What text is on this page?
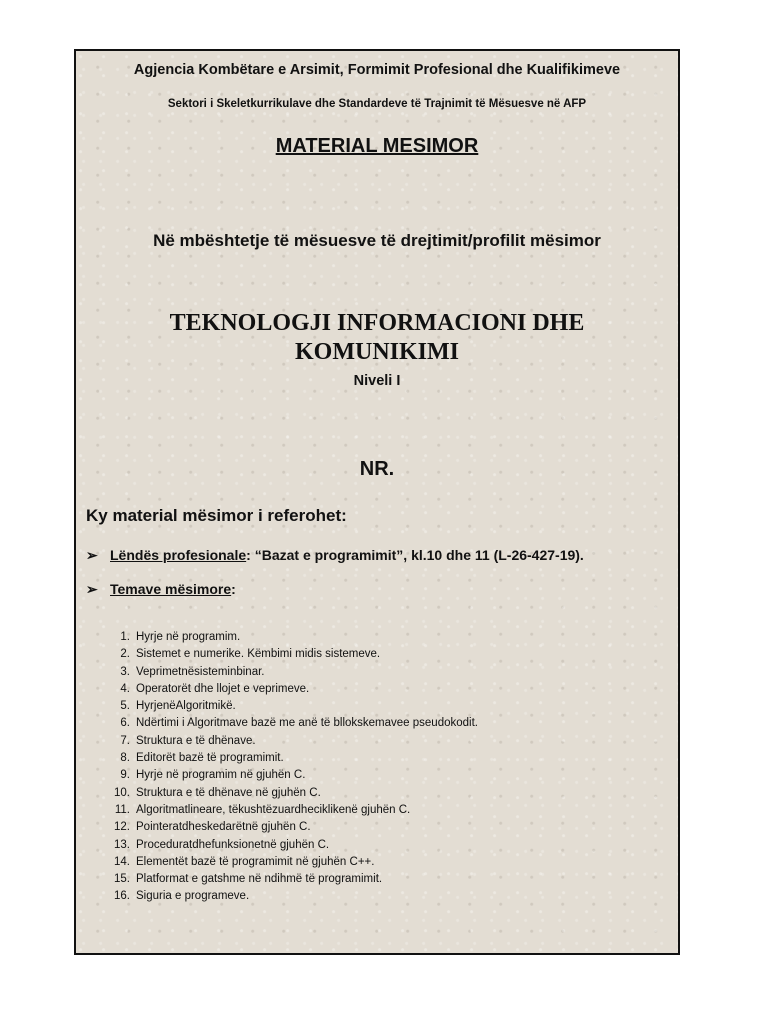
Agjencia Kombëtare e Arsimit, Formimit Profesional dhe Kualifikimeve
Sektori i Skeletkurrikulave dhe Standardeve të Trajnimit të Mësuesve në AFP
MATERIAL MESIMOR
Në mbështetje të mësuesve të drejtimit/profilit mësimor
TEKNOLOGJI INFORMACIONI DHE
KOMUNIKIMI
Niveli I
NR.
Ky material mësimor i referohet:
➢ Lëndës profesionale: “Bazat e programimit”, kl.10 dhe 11 (L-26-427-19).
➢ Temave mësimore:
1. Hyrje në programim.
2. Sistemet e numerike. Këmbimi midis sistemeve.
3. Veprimetnësisteminbinar.
4. Operatorët dhe llojet e veprimeve.
5. HyrjenëAlgoritmikë.
6. Ndërtimi i Algoritmave bazë me anë të bllokskemavee pseudokodit.
7. Struktura e të dhënave.
8. Editorët bazë të programimit.
9. Hyrje në programim në gjuhën C.
10. Struktura e të dhënave në gjuhën C.
11. Algoritmatlineare, tëkushtëzuardheciklikenë gjuhën C.
12. Pointeratdheskedarëtnë gjuhën C.
13. Proceduratdhefunksionetnë gjuhën C.
14. Elementët bazë të programimit në gjuhën C++.
15. Platformat e gatshme në ndihmë të programimit.
16. Siguria e programeve.
